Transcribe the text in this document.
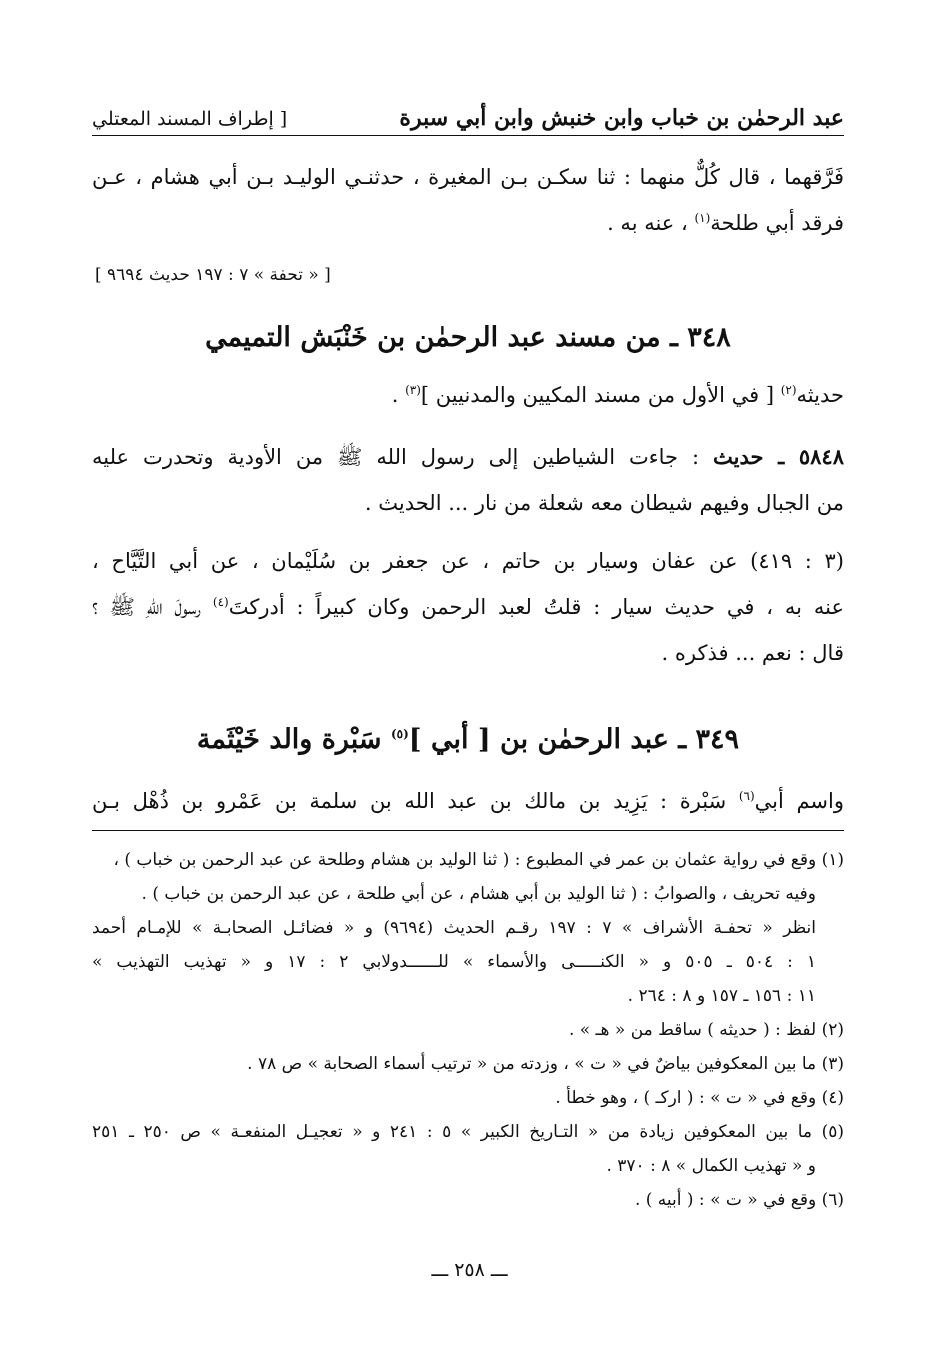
عبد الرحمٰن بن خباب وابن خنبش وابن أبي سبرة
[ إطراف المسند المعتلي
فَرَّقهما ، قال كُلٌّ منهما : ثنا سكـن بـن المغيرة ، حدثنـي الوليـد بـن أبي هشام ، عـن
فرقد أبي طلحة$^{(١)}$ ، عنه به .
[ « تحفة » ٧ : ١٩٧ حديث ٩٦٩٤ ]
٣٤٨ ـ من مسند عبد الرحمٰن بن خَنْبَش التميمي
حديثه$^{(٢)}$ [ في الأول من مسند المكيين والمدنيين ]$^{(٣)}$ .
٥٨٤٨ ـ حديث : جاءت الشياطين إلى رسول الله ﷺ من الأودية وتحدرت عليه
من الجبال وفيهم شيطان معه شعلة من نار ... الحديث .
(٣ : ٤١٩) عن عفان وسيار بن حاتم ، عن جعفر بن سُلَيْمان ، عن أبي التَّيَّاح ،
عنه به ، في حديث سيار : قلتُ لعبد الرحمن وكان كبيراً : أدركتَ$^{(٤)}$ رسولَ اللهِ ﷺ ؟
قال : نعم ... فذكره .
٣٤٩ ـ عبد الرحمٰن بن [ أبي ]$^{(٥)}$ سَبْرة والد خَيْثَمة
واسم أبي$^{(٦)}$ سَبْرة : يَزِيد بن مالك بن عبد الله بن سلمة بن عَمْرو بن ذُهْل بـن
(١) وقع في رواية عثمان بن عمر في المطبوع : ( ثنا الوليد بن هشام وطلحة عن عبد الرحمن بن خباب ) ،
وفيه تحريف ، والصوابُ : ( ثنا الوليد بن أبي هشام ، عن أبي طلحة ، عن عبد الرحمن بن خباب ) .
انظر « تحفـة الأشراف » ٧ : ١٩٧ رقـم الحديث (٩٦٩٤) و « فضائـل الصحابـة » للإمـام أحمد
١ : ٥٠٤ ـ ٥٠٥ و « الكنـــــى والأسماء » للــــــدولابي ٢ : ١٧ و « تهذيب التهذيب »
١١ : ١٥٦ ـ ١٥٧ و ٨ : ٢٦٤ .
(٢) لفظ : ( حديثه ) ساقط من « هـ » .
(٣) ما بين المعكوفين بياضٌ في « ت » ، وزدته من « ترتيب أسماء الصحابة » ص ٧٨ .
(٤) وقع في « ت » : ( اركـ ) ، وهو خطأ .
(٥) ما بين المعكوفين زيادة من « التـاريخ الكبير » ٥ : ٢٤١ و « تعجيـل المنفعـة » ص ٢٥٠ ـ ٢٥١
و « تهذيب الكمال » ٨ : ٣٧٠ .
(٦) وقع في « ت » : ( أبيه ) .
ـــ ٢٥٨ ـــ
